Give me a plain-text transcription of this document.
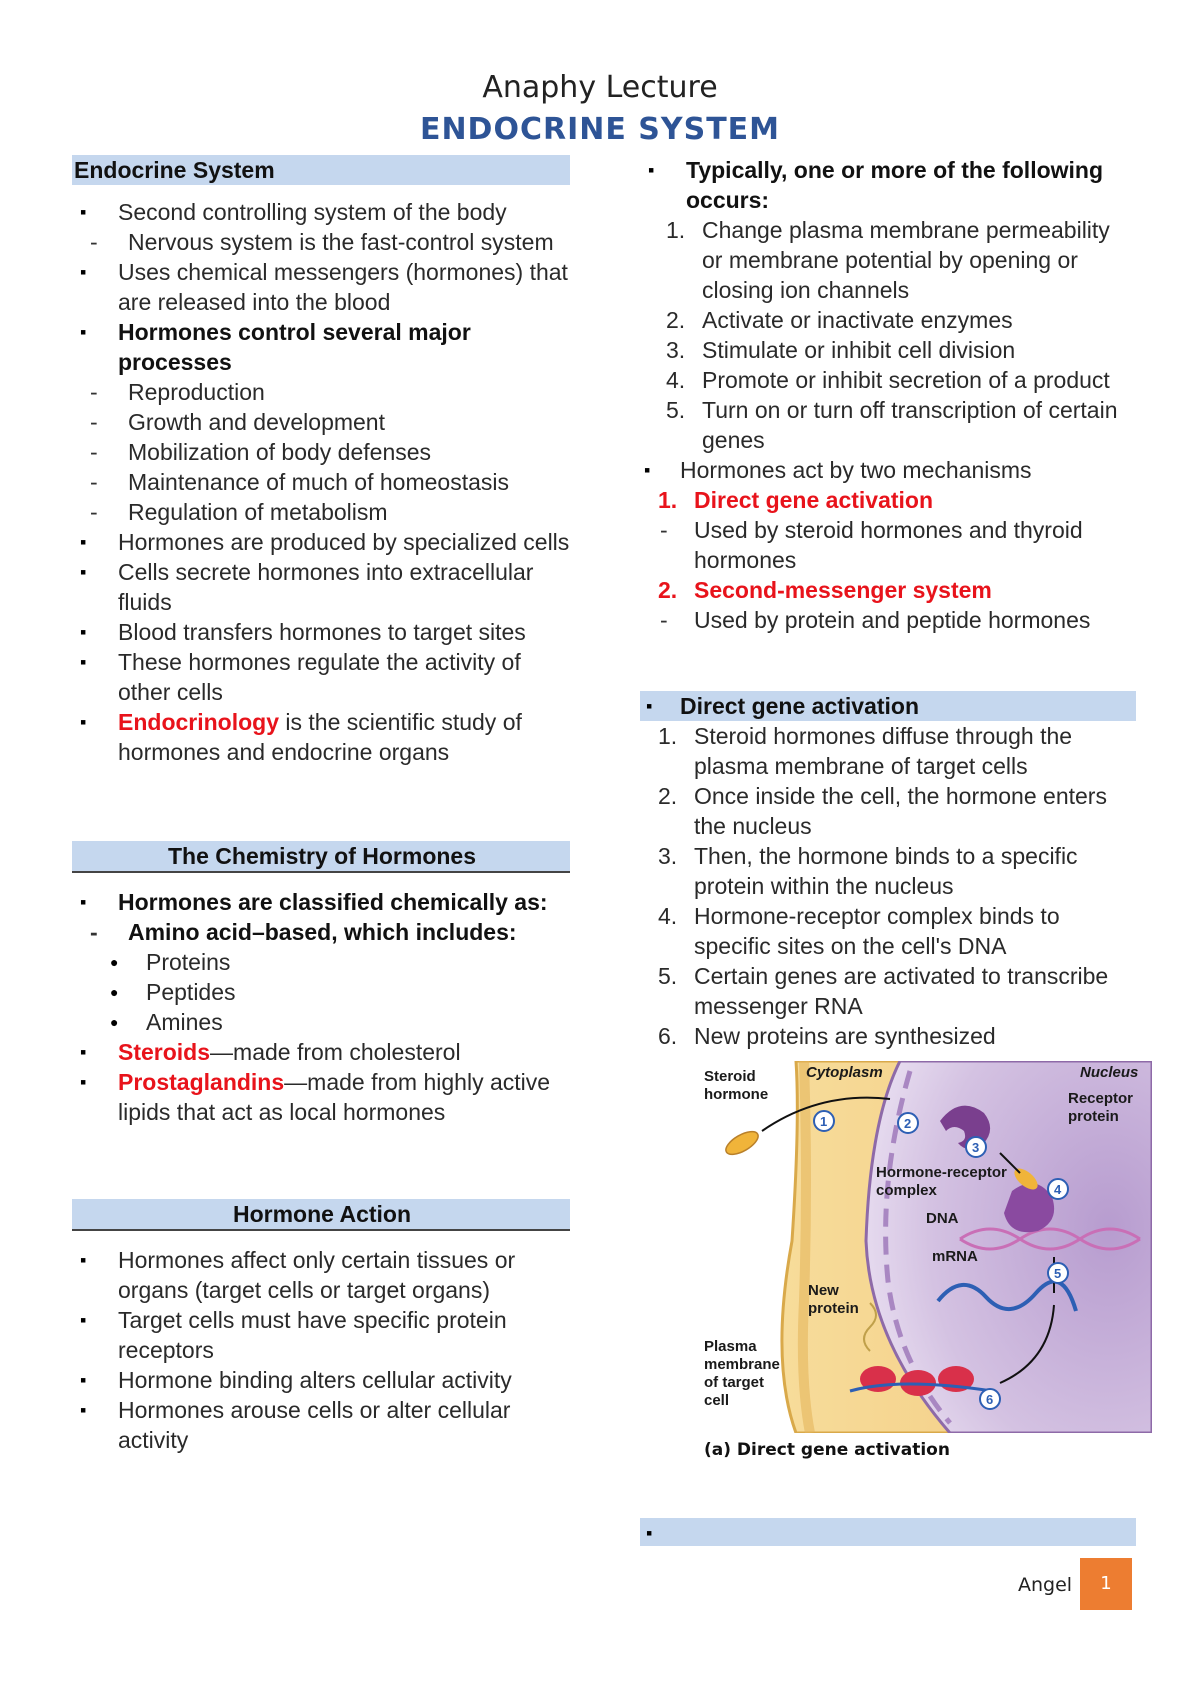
Anaphy Lecture
ENDOCRINE SYSTEM
Endocrine System
▪ Second controlling system of the body
- Nervous system is the fast-control system
▪ Uses chemical messengers (hormones) that are released into the blood
▪ Hormones control several major processes
- Reproduction
- Growth and development
- Mobilization of body defenses
- Maintenance of much of homeostasis
- Regulation of metabolism
▪ Hormones are produced by specialized cells
▪ Cells secrete hormones into extracellular fluids
▪ Blood transfers hormones to target sites
▪ These hormones regulate the activity of other cells
▪ Endocrinology is the scientific study of hormones and endocrine organs
The Chemistry of Hormones
▪ Hormones are classified chemically as:
- Amino acid–based, which includes:
● Proteins
● Peptides
● Amines
▪ Steroids—made from cholesterol
▪ Prostaglandins—made from highly active lipids that act as local hormones
Hormone Action
▪ Hormones affect only certain tissues or organs (target cells or target organs)
▪ Target cells must have specific protein receptors
▪ Hormone binding alters cellular activity
▪ Hormones arouse cells or alter cellular activity
▪ Typically, one or more of the following occurs:
1. Change plasma membrane permeability or membrane potential by opening or closing ion channels
2. Activate or inactivate enzymes
3. Stimulate or inhibit cell division
4. Promote or inhibit secretion of a product
5. Turn on or turn off transcription of certain genes
▪ Hormones act by two mechanisms
1. Direct gene activation
- Used by steroid hormones and thyroid hormones
2. Second-messenger system
- Used by protein and peptide hormones
▪ Direct gene activation
1. Steroid hormones diffuse through the plasma membrane of target cells
2. Once inside the cell, the hormone enters the nucleus
3. Then, the hormone binds to a specific protein within the nucleus
4. Hormone-receptor complex binds to specific sites on the cell's DNA
5. Certain genes are activated to transcribe messenger RNA
6. New proteins are synthesized
1	2
3
4
5
6
Steroid
hormone
Cytoplasm	Nucleus
Receptor
protein
Hormone-receptor
complex
DNA
mRNA
New
protein
Plasma
membrane
of target
cell
(a) Direct gene activation
▪
Angel	1
